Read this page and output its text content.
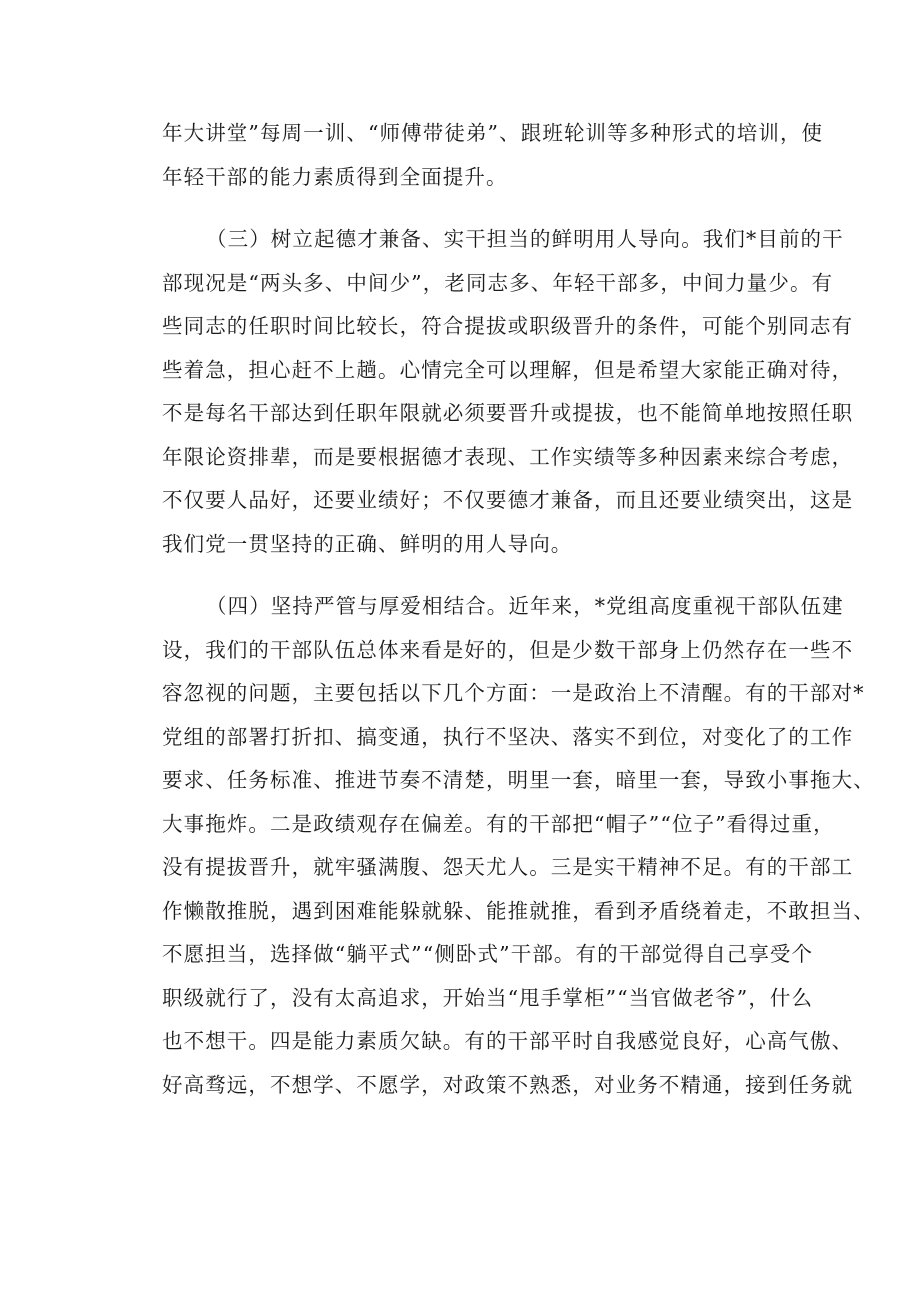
年大讲堂”每周一训、“师傅带徒弟”、跟班轮训等多种形式的培训，使
年轻干部的能力素质得到全面提升。
（三）树立起德才兼备、实干担当的鲜明用人导向。我们*目前的干
部现况是“两头多、中间少”，老同志多、年轻干部多，中间力量少。有
些同志的任职时间比较长，符合提拔或职级晋升的条件，可能个别同志有
些着急，担心赶不上趟。心情完全可以理解，但是希望大家能正确对待，
不是每名干部达到任职年限就必须要晋升或提拔，也不能简单地按照任职
年限论资排辈，而是要根据德才表现、工作实绩等多种因素来综合考虑，
不仅要人品好，还要业绩好；不仅要德才兼备，而且还要业绩突出，这是
我们党一贯坚持的正确、鲜明的用人导向。
（四）坚持严管与厚爱相结合。近年来，*党组高度重视干部队伍建
设，我们的干部队伍总体来看是好的，但是少数干部身上仍然存在一些不
容忽视的问题，主要包括以下几个方面：一是政治上不清醒。有的干部对*
党组的部署打折扣、搞变通，执行不坚决、落实不到位，对变化了的工作
要求、任务标准、推进节奏不清楚，明里一套，暗里一套，导致小事拖大、
大事拖炸。二是政绩观存在偏差。有的干部把“帽子”“位子”看得过重，
没有提拔晋升，就牢骚满腹、怨天尤人。三是实干精神不足。有的干部工
作懒散推脱，遇到困难能躲就躲、能推就推，看到矛盾绕着走，不敢担当、
不愿担当，选择做“躺平式”“侧卧式”干部。有的干部觉得自己享受个
职级就行了，没有太高追求，开始当“甩手掌柜”“当官做老爷”，什么
也不想干。四是能力素质欠缺。有的干部平时自我感觉良好，心高气傲、
好高骛远，不想学、不愿学，对政策不熟悉，对业务不精通，接到任务就
